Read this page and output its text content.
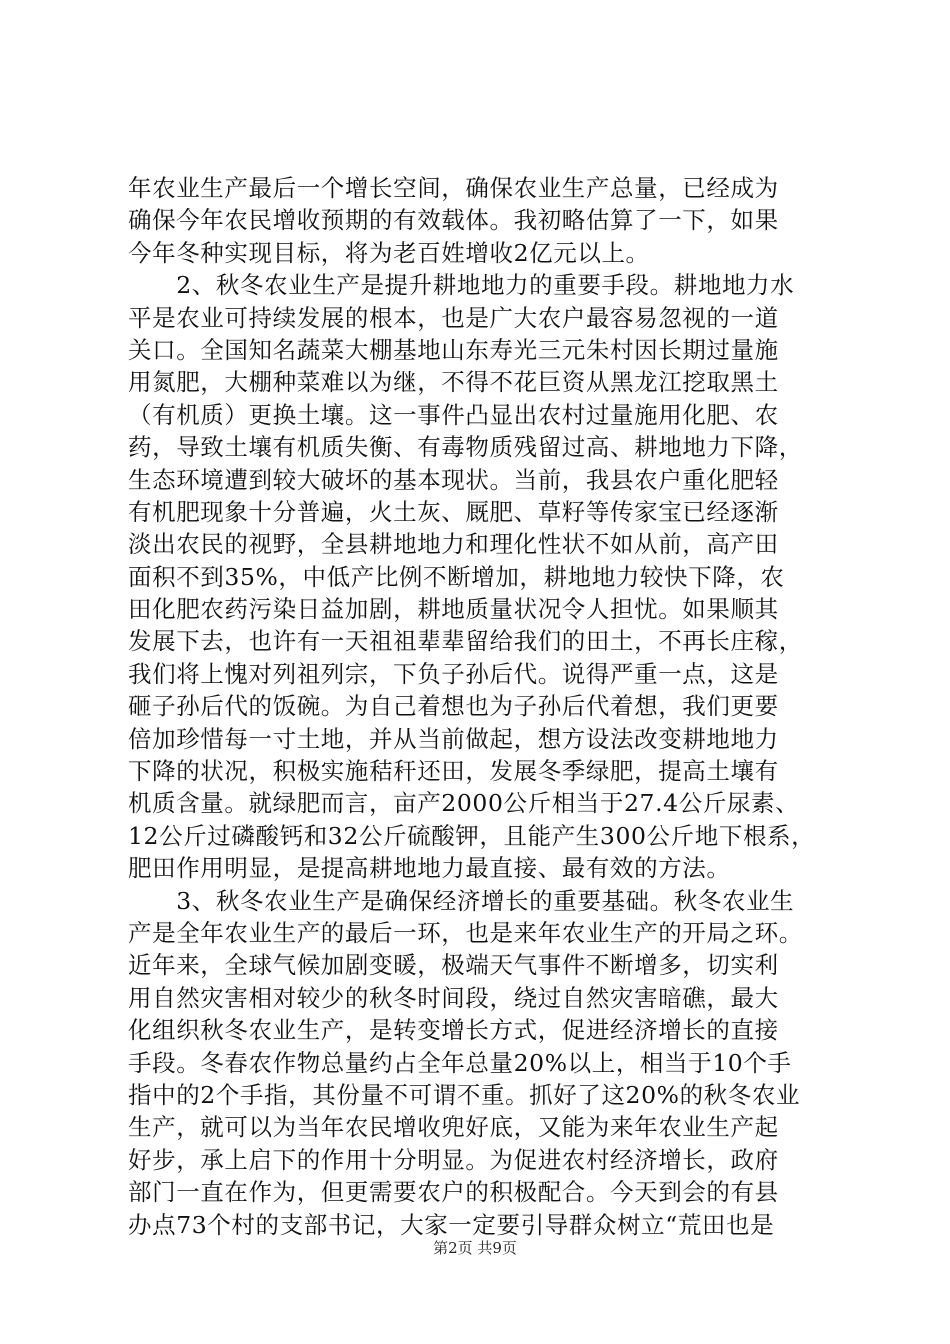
年农业生产最后一个增长空间，确保农业生产总量，已经成为
确保今年农民增收预期的有效载体。我初略估算了一下，如果
今年冬种实现目标，将为老百姓增收2亿元以上。
　　2、秋冬农业生产是提升耕地地力的重要手段。耕地地力水
平是农业可持续发展的根本，也是广大农户最容易忽视的一道
关口。全国知名蔬菜大棚基地山东寿光三元朱村因长期过量施
用氮肥，大棚种菜难以为继，不得不花巨资从黑龙江挖取黑土
（有机质）更换土壤。这一事件凸显出农村过量施用化肥、农
药，导致土壤有机质失衡、有毒物质残留过高、耕地地力下降，
生态环境遭到较大破坏的基本现状。当前，我县农户重化肥轻
有机肥现象十分普遍，火土灰、厩肥、草籽等传家宝已经逐渐
淡出农民的视野，全县耕地地力和理化性状不如从前，高产田
面积不到35%，中低产比例不断增加，耕地地力较快下降，农
田化肥农药污染日益加剧，耕地质量状况令人担忧。如果顺其
发展下去，也许有一天祖祖辈辈留给我们的田土，不再长庄稼，
我们将上愧对列祖列宗，下负子孙后代。说得严重一点，这是
砸子孙后代的饭碗。为自己着想也为子孙后代着想，我们更要
倍加珍惜每一寸土地，并从当前做起，想方设法改变耕地地力
下降的状况，积极实施秸秆还田，发展冬季绿肥，提高土壤有
机质含量。就绿肥而言，亩产2000公斤相当于27.4公斤尿素、
12公斤过磷酸钙和32公斤硫酸钾，且能产生300公斤地下根系，
肥田作用明显，是提高耕地地力最直接、最有效的方法。
　　3、秋冬农业生产是确保经济增长的重要基础。秋冬农业生
产是全年农业生产的最后一环，也是来年农业生产的开局之环。
近年来，全球气候加剧变暖，极端天气事件不断增多，切实利
用自然灾害相对较少的秋冬时间段，绕过自然灾害暗礁，最大
化组织秋冬农业生产，是转变增长方式，促进经济增长的直接
手段。冬春农作物总量约占全年总量20%以上，相当于10个手
指中的2个手指，其份量不可谓不重。抓好了这20%的秋冬农业
生产，就可以为当年农民增收兜好底，又能为来年农业生产起
好步，承上启下的作用十分明显。为促进农村经济增长，政府
部门一直在作为，但更需要农户的积极配合。今天到会的有县
办点73个村的支部书记，大家一定要引导群众树立“荒田也是
第2页 共9页
